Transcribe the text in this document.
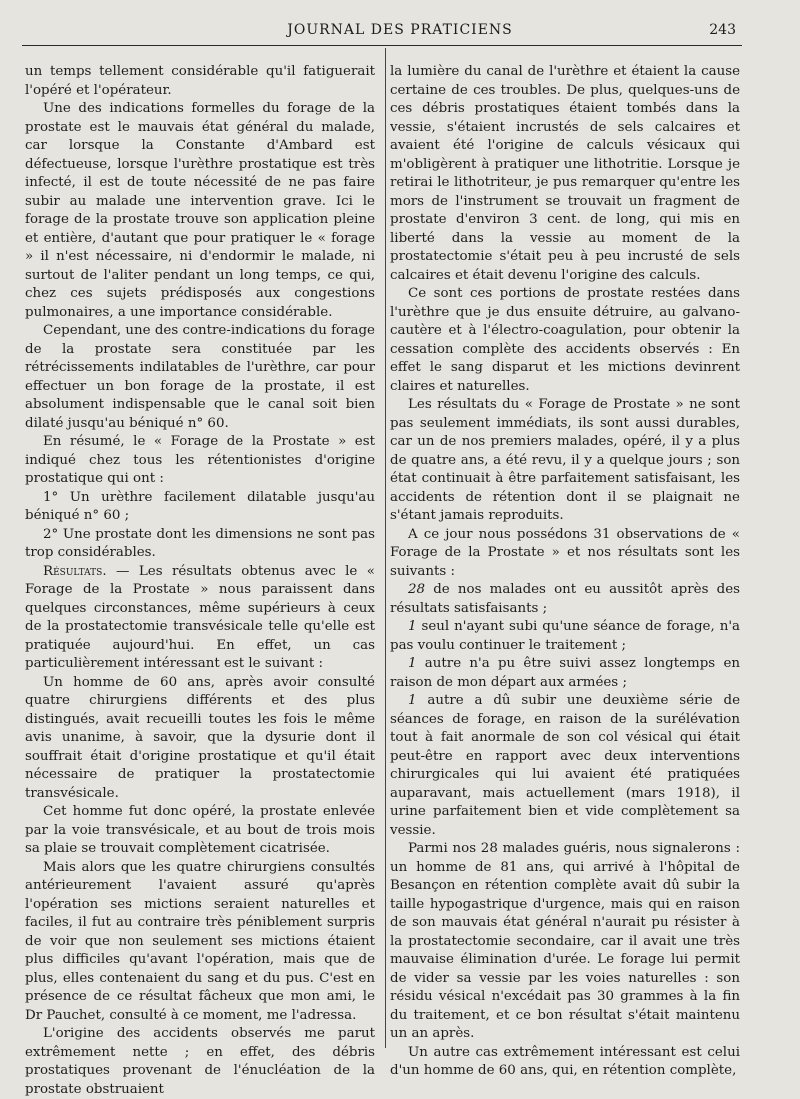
JOURNAL DES PRATICIENS	243

un temps tellement considérable qu'il fatiguerait l'opéré et l'opérateur.

Une des indications formelles du forage de la prostate est le mauvais état général du malade, car lorsque la Constante d'Ambard est défectueuse, lorsque l'urèthre prostatique est très infecté, il est de toute nécessité de ne pas faire subir au malade une intervention grave. Ici le forage de la prostate trouve son application pleine et entière, d'autant que pour pratiquer le « forage » il n'est nécessaire, ni d'endormir le malade, ni surtout de l'aliter pendant un long temps, ce qui, chez ces sujets prédisposés aux congestions pulmonaires, a une importance considérable.

Cependant, une des contre-indications du forage de la prostate sera constituée par les rétrécissements indilatables de l'urèthre, car pour effectuer un bon forage de la prostate, il est absolument indispensable que le canal soit bien dilaté jusqu'au béniqué n° 60.

En résumé, le « Forage de la Prostate » est indiqué chez tous les rétentionistes d'origine prostatique qui ont :

1° Un urèthre facilement dilatable jusqu'au béniqué n° 60 ;

2° Une prostate dont les dimensions ne sont pas trop considérables.

Résultats. — Les résultats obtenus avec le « Forage de la Prostate » nous paraissent dans quelques circonstances, même supérieurs à ceux de la prostatectomie transvésicale telle qu'elle est pratiquée aujourd'hui. En effet, un cas particulièrement intéressant est le suivant :

Un homme de 60 ans, après avoir consulté quatre chirurgiens différents et des plus distingués, avait recueilli toutes les fois le même avis unanime, à savoir, que la dysurie dont il souffrait était d'origine prostatique et qu'il était nécessaire de pratiquer la prostatectomie transvésicale.

Cet homme fut donc opéré, la prostate enlevée par la voie transvésicale, et au bout de trois mois sa plaie se trouvait complètement cicatrisée.

Mais alors que les quatre chirurgiens consultés antérieurement l'avaient assuré qu'après l'opération ses mictions seraient naturelles et faciles, il fut au contraire très péniblement surpris de voir que non seulement ses mictions étaient plus difficiles qu'avant l'opération, mais que de plus, elles contenaient du sang et du pus. C'est en présence de ce résultat fâcheux que mon ami, le Dr Pauchet, consulté à ce moment, me l'adressa.

L'origine des accidents observés me parut extrêmement nette ; en effet, des débris prostatiques provenant de l'énucléation de la prostate obstruaient

la lumière du canal de l'urèthre et étaient la cause certaine de ces troubles. De plus, quelques-uns de ces débris prostatiques étaient tombés dans la vessie, s'étaient incrustés de sels calcaires et avaient été l'origine de calculs vésicaux qui m'obligèrent à pratiquer une lithotritie. Lorsque je retirai le lithotriteur, je pus remarquer qu'entre les mors de l'instrument se trouvait un fragment de prostate d'environ 3 cent. de long, qui mis en liberté dans la vessie au moment de la prostatectomie s'était peu à peu incrusté de sels calcaires et était devenu l'origine des calculs.

Ce sont ces portions de prostate restées dans l'urèthre que je dus ensuite détruire, au galvano-cautère et à l'électro-coagulation, pour obtenir la cessation complète des accidents observés : En effet le sang disparut et les mictions devinrent claires et naturelles.

Les résultats du « Forage de Prostate » ne sont pas seulement immédiats, ils sont aussi durables, car un de nos premiers malades, opéré, il y a plus de quatre ans, a été revu, il y a quelque jours ; son état continuait à être parfaitement satisfaisant, les accidents de rétention dont il se plaignait ne s'étant jamais reproduits.

A ce jour nous possédons 31 observations de « Forage de la Prostate » et nos résultats sont les suivants :

28 de nos malades ont eu aussitôt après des résultats satisfaisants ;

1 seul n'ayant subi qu'une séance de forage, n'a pas voulu continuer le traitement ;

1 autre n'a pu être suivi assez longtemps en raison de mon départ aux armées ;

1 autre a dû subir une deuxième série de séances de forage, en raison de la surélévation tout à fait anormale de son col vésical qui était peut-être en rapport avec deux interventions chirurgicales qui lui avaient été pratiquées auparavant, mais actuellement (mars 1918), il urine parfaitement bien et vide complètement sa vessie.

Parmi nos 28 malades guéris, nous signalerons : un homme de 81 ans, qui arrivé à l'hôpital de Besançon en rétention complète avait dû subir la taille hypogastrique d'urgence, mais qui en raison de son mauvais état général n'aurait pu résister à la prostatectomie secondaire, car il avait une très mauvaise élimination d'urée. Le forage lui permit de vider sa vessie par les voies naturelles : son résidu vésical n'excédait pas 30 grammes à la fin du traitement, et ce bon résultat s'était maintenu un an après.

Un autre cas extrêmement intéressant est celui d'un homme de 60 ans, qui, en rétention complète,
